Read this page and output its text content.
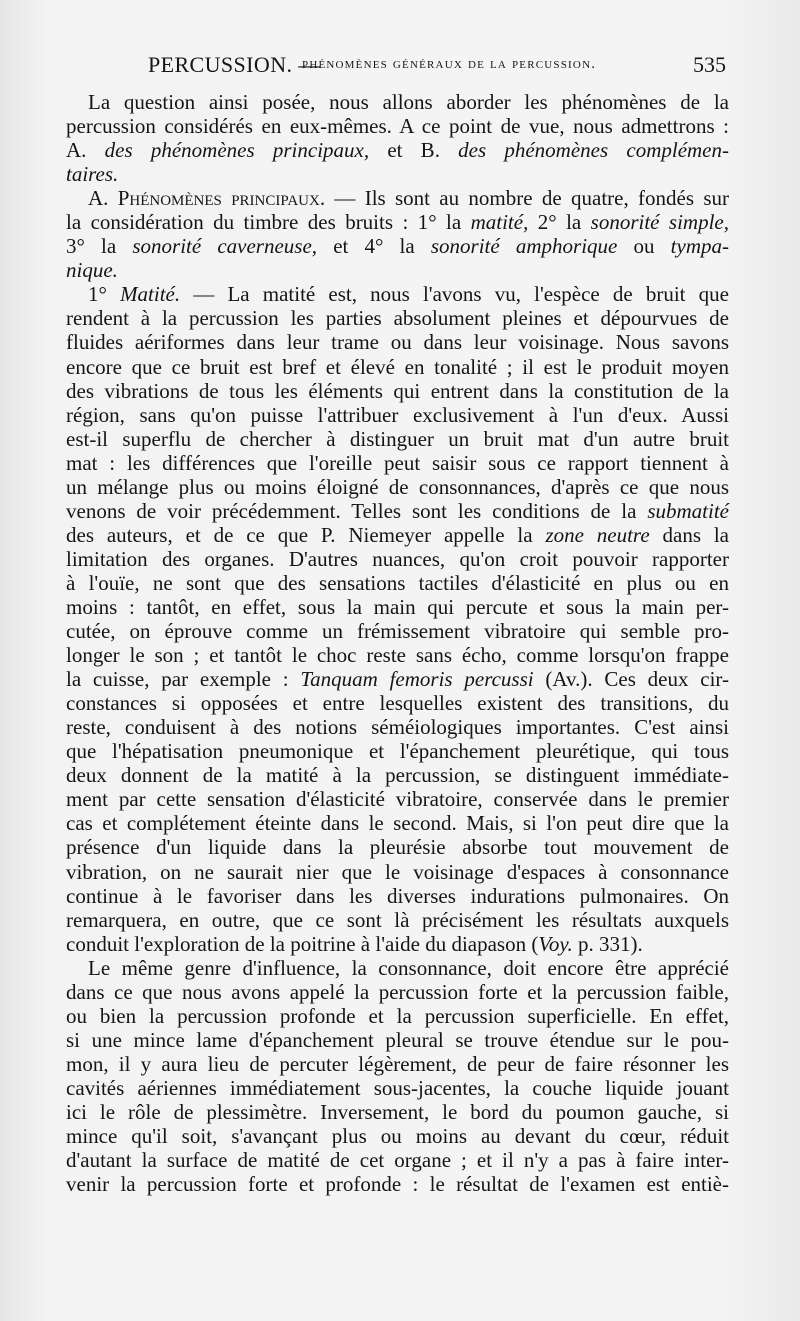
PERCUSSION. —
phénomènes généraux de la percussion.	535
La question ainsi posée, nous allons aborder les phénomènes de la
percussion considérés en eux-mêmes. A ce point de vue, nous admettrons :
A. des phénomènes principaux, et B. des phénomènes complémen-
taires.
A. Phénomènes principaux. — Ils sont au nombre de quatre, fondés sur
la considération du timbre des bruits : 1° la matité, 2° la sonorité simple,
3° la sonorité caverneuse, et 4° la sonorité amphorique ou tympa-
nique.
1° Matité. — La matité est, nous l'avons vu, l'espèce de bruit que
rendent à la percussion les parties absolument pleines et dépourvues de
fluides aériformes dans leur trame ou dans leur voisinage. Nous savons
encore que ce bruit est bref et élevé en tonalité ; il est le produit moyen
des vibrations de tous les éléments qui entrent dans la constitution de la
région, sans qu'on puisse l'attribuer exclusivement à l'un d'eux. Aussi
est-il superflu de chercher à distinguer un bruit mat d'un autre bruit
mat : les différences que l'oreille peut saisir sous ce rapport tiennent à
un mélange plus ou moins éloigné de consonnances, d'après ce que nous
venons de voir précédemment. Telles sont les conditions de la submatité
des auteurs, et de ce que P. Niemeyer appelle la zone neutre dans la
limitation des organes. D'autres nuances, qu'on croit pouvoir rapporter
à l'ouïe, ne sont que des sensations tactiles d'élasticité en plus ou en
moins : tantôt, en effet, sous la main qui percute et sous la main per-
cutée, on éprouve comme un frémissement vibratoire qui semble pro-
longer le son ; et tantôt le choc reste sans écho, comme lorsqu'on frappe
la cuisse, par exemple : Tanquam femoris percussi (Av.). Ces deux cir-
constances si opposées et entre lesquelles existent des transitions, du
reste, conduisent à des notions séméiologiques importantes. C'est ainsi
que l'hépatisation pneumonique et l'épanchement pleurétique, qui tous
deux donnent de la matité à la percussion, se distinguent immédiate-
ment par cette sensation d'élasticité vibratoire, conservée dans le premier
cas et complétement éteinte dans le second. Mais, si l'on peut dire que la
présence d'un liquide dans la pleurésie absorbe tout mouvement de
vibration, on ne saurait nier que le voisinage d'espaces à consonnance
continue à le favoriser dans les diverses indurations pulmonaires. On
remarquera, en outre, que ce sont là précisément les résultats auxquels
conduit l'exploration de la poitrine à l'aide du diapason (Voy. p. 331).
Le même genre d'influence, la consonnance, doit encore être apprécié
dans ce que nous avons appelé la percussion forte et la percussion faible,
ou bien la percussion profonde et la percussion superficielle. En effet,
si une mince lame d'épanchement pleural se trouve étendue sur le pou-
mon, il y aura lieu de percuter légèrement, de peur de faire résonner les
cavités aériennes immédiatement sous-jacentes, la couche liquide jouant
ici le rôle de plessimètre. Inversement, le bord du poumon gauche, si
mince qu'il soit, s'avançant plus ou moins au devant du cœur, réduit
d'autant la surface de matité de cet organe ; et il n'y a pas à faire inter-
venir la percussion forte et profonde : le résultat de l'examen est entiè-
